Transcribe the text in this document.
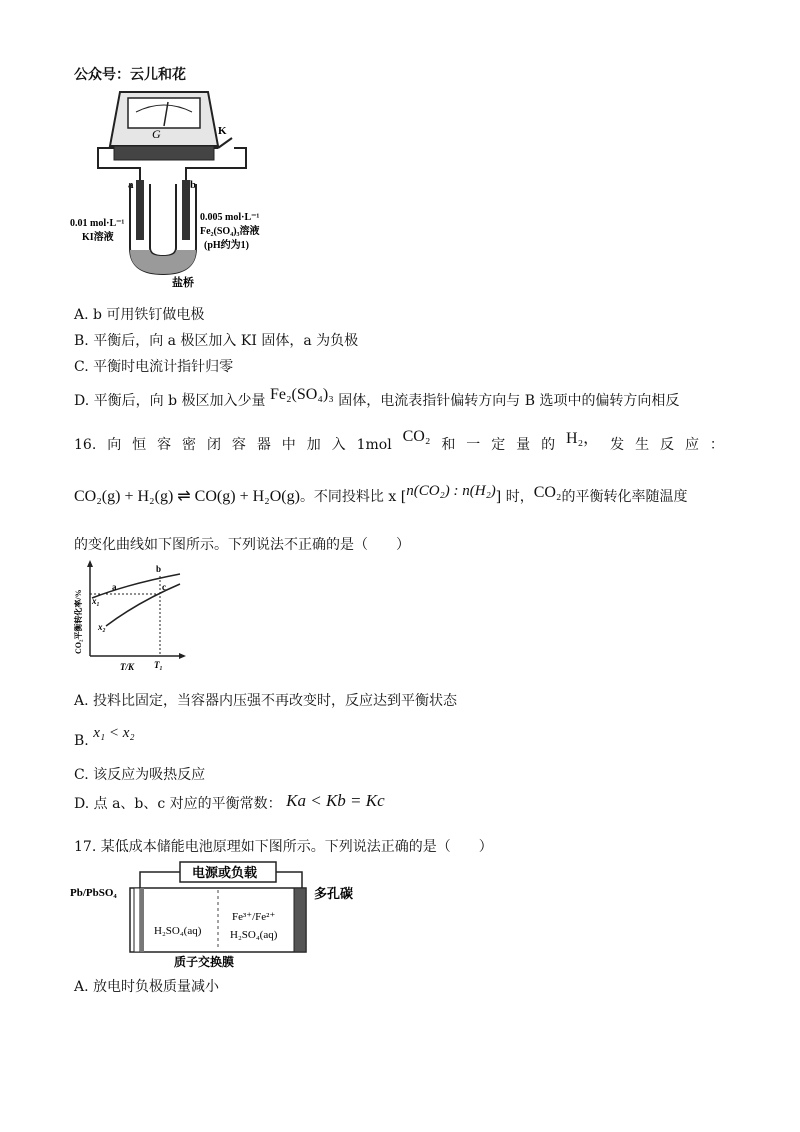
公众号：云儿和花
G	K
a	b
0.01 mol·L⁻¹
KI溶液
0.005 mol·L⁻¹
Fe₂(SO₄)₃溶液
(pH约为1)
盐桥
A. b 可用铁钉做电极
B. 平衡后，向 a 极区加入 KI 固体，a 为负极
C. 平衡时电流计指针归零
D. 平衡后，向 b 极区加入少量 Fe₂(SO₄)₃ 固体，电流表指针偏转方向与 B 选项中的偏转方向相反
16. 向 恒 容 密 闭 容 器 中 加 入 1mol CO₂ 和 一 定 量 的 H₂， 发 生 反 应 ：
CO₂(g) + H₂(g) ⇌ CO(g) + H₂O(g)。不同投料比 x [n(CO₂) : n(H₂)] 时，CO₂的平衡转化率随温度
的变化曲线如下图所示。下列说法不正确的是（　　）
CO₂平衡转化率/%
a
b
c
x₁
x₂
T/K T₁
A. 投料比固定，当容器内压强不再改变时，反应达到平衡状态
B. x₁ < x₂
C. 该反应为吸热反应
D. 点 a、b、c 对应的平衡常数： Ka < Kb = Kc
17. 某低成本储能电池原理如下图所示。下列说法正确的是（　　）
电源或负载
Pb/PbSO₄	多孔碳
H₂SO₄(aq)
Fe³⁺/Fe²⁺
H₂SO₄(aq)
质子交换膜
A. 放电时负极质量减小
